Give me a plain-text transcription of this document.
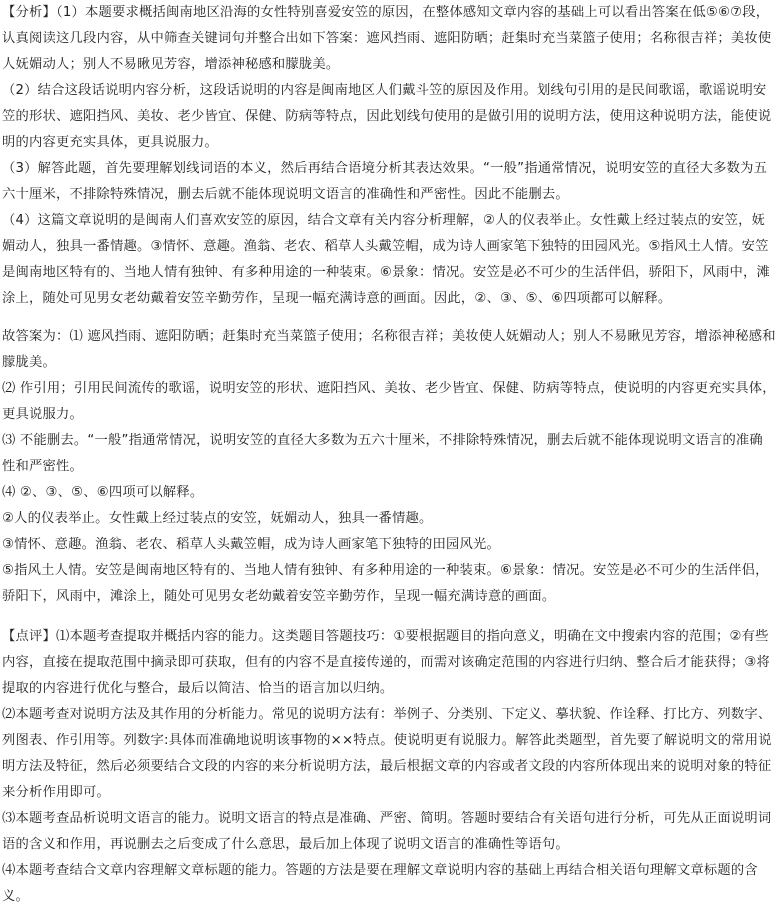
【分析】（1）本题要求概括闽南地区沿海的女性特别喜爱安笠的原因，在整体感知文章内容的基础上可以看出答案在低⑤⑥⑦段，认真阅读这几段内容，从中筛查关键词句并整合出如下答案：遮风挡雨、遮阳防晒；赶集时充当菜篮子使用；名称很吉祥；美妆使人妩媚动人；别人不易瞅见芳容，增添神秘感和朦胧美。

（2）结合这段话说明内容分析，这段话说明的内容是闽南地区人们戴斗笠的原因及作用。划线句引用的是民间歌谣，歌谣说明安笠的形状、遮阳挡风、美妆、老少皆宜、保健、防病等特点，因此划线句使用的是做引用的说明方法，使用这种说明方法，能使说明的内容更充实具体，更具说服力。

（3）解答此题，首先要理解划线词语的本义，然后再结合语境分析其表达效果。“一般”指通常情况，说明安笠的直径大多数为五六十厘米，不排除特殊情况，删去后就不能体现说明文语言的准确性和严密性。因此不能删去。

（4）这篇文章说明的是闽南人们喜欢安笠的原因，结合文章有关内容分析理解，②人的仪表举止。女性戴上经过装点的安笠，妩媚动人，独具一番情趣。③情怀、意趣。渔翁、老农、稻草人头戴笠帽，成为诗人画家笔下独特的田园风光。⑤指风土人情。安笠是闽南地区特有的、当地人情有独钟、有多种用途的一种装束。⑥景象：情况。安笠是必不可少的生活伴侣，骄阳下，风雨中，滩涂上，随处可见男女老幼戴着安笠辛勤劳作，呈现一幅充满诗意的画面。因此，②、③、⑤、⑥四项都可以解释。

故答案为：⑴ 遮风挡雨、遮阳防晒；赶集时充当菜篮子使用；名称很吉祥；美妆使人妩媚动人；别人不易瞅见芳容，增添神秘感和朦胧美。

⑵ 作引用；引用民间流传的歌谣，说明安笠的形状、遮阳挡风、美妆、老少皆宜、保健、防病等特点，使说明的内容更充实具体，更具说服力。

⑶ 不能删去。“一般”指通常情况，说明安笠的直径大多数为五六十厘米，不排除特殊情况，删去后就不能体现说明文语言的准确性和严密性。

⑷ ②、③、⑤、⑥四项可以解释。

②人的仪表举止。女性戴上经过装点的安笠，妩媚动人，独具一番情趣。

③情怀、意趣。渔翁、老农、稻草人头戴笠帽，成为诗人画家笔下独特的田园风光。

⑤指风土人情。安笠是闽南地区特有的、当地人情有独钟、有多种用途的一种装束。⑥景象：情况。安笠是必不可少的生活伴侣，骄阳下，风雨中，滩涂上，随处可见男女老幼戴着安笠辛勤劳作，呈现一幅充满诗意的画面。

【点评】⑴本题考查提取并概括内容的能力。这类题目答题技巧：①要根据题目的指向意义，明确在文中搜索内容的范围；②有些内容，直接在提取范围中摘录即可获取，但有的内容不是直接传递的，而需对该确定范围的内容进行归纳、整合后才能获得；③将提取的内容进行优化与整合，最后以简洁、恰当的语言加以归纳。

⑵本题考查对说明方法及其作用的分析能力。常见的说明方法有：举例子、分类别、下定义、摹状貌、作诠释、打比方、列数字、列图表、作引用等。列数字:具体而准确地说明该事物的××特点。使说明更有说服力。解答此类题型，首先要了解说明文的常用说明方法及特征，然后必须要结合文段的内容的来分析说明方法，最后根据文章的内容或者文段的内容所体现出来的说明对象的特征来分析作用即可。

⑶本题考查品析说明文语言的能力。说明文语言的特点是准确、严密、简明。答题时要结合有关语句进行分析，可先从正面说明词语的含义和作用，再说删去之后变成了什么意思，最后加上体现了说明文语言的准确性等语句。

⑷本题考查结合文章内容理解文章标题的能力。答题的方法是要在理解文章说明内容的基础上再结合相关语句理解文章标题的含义。
